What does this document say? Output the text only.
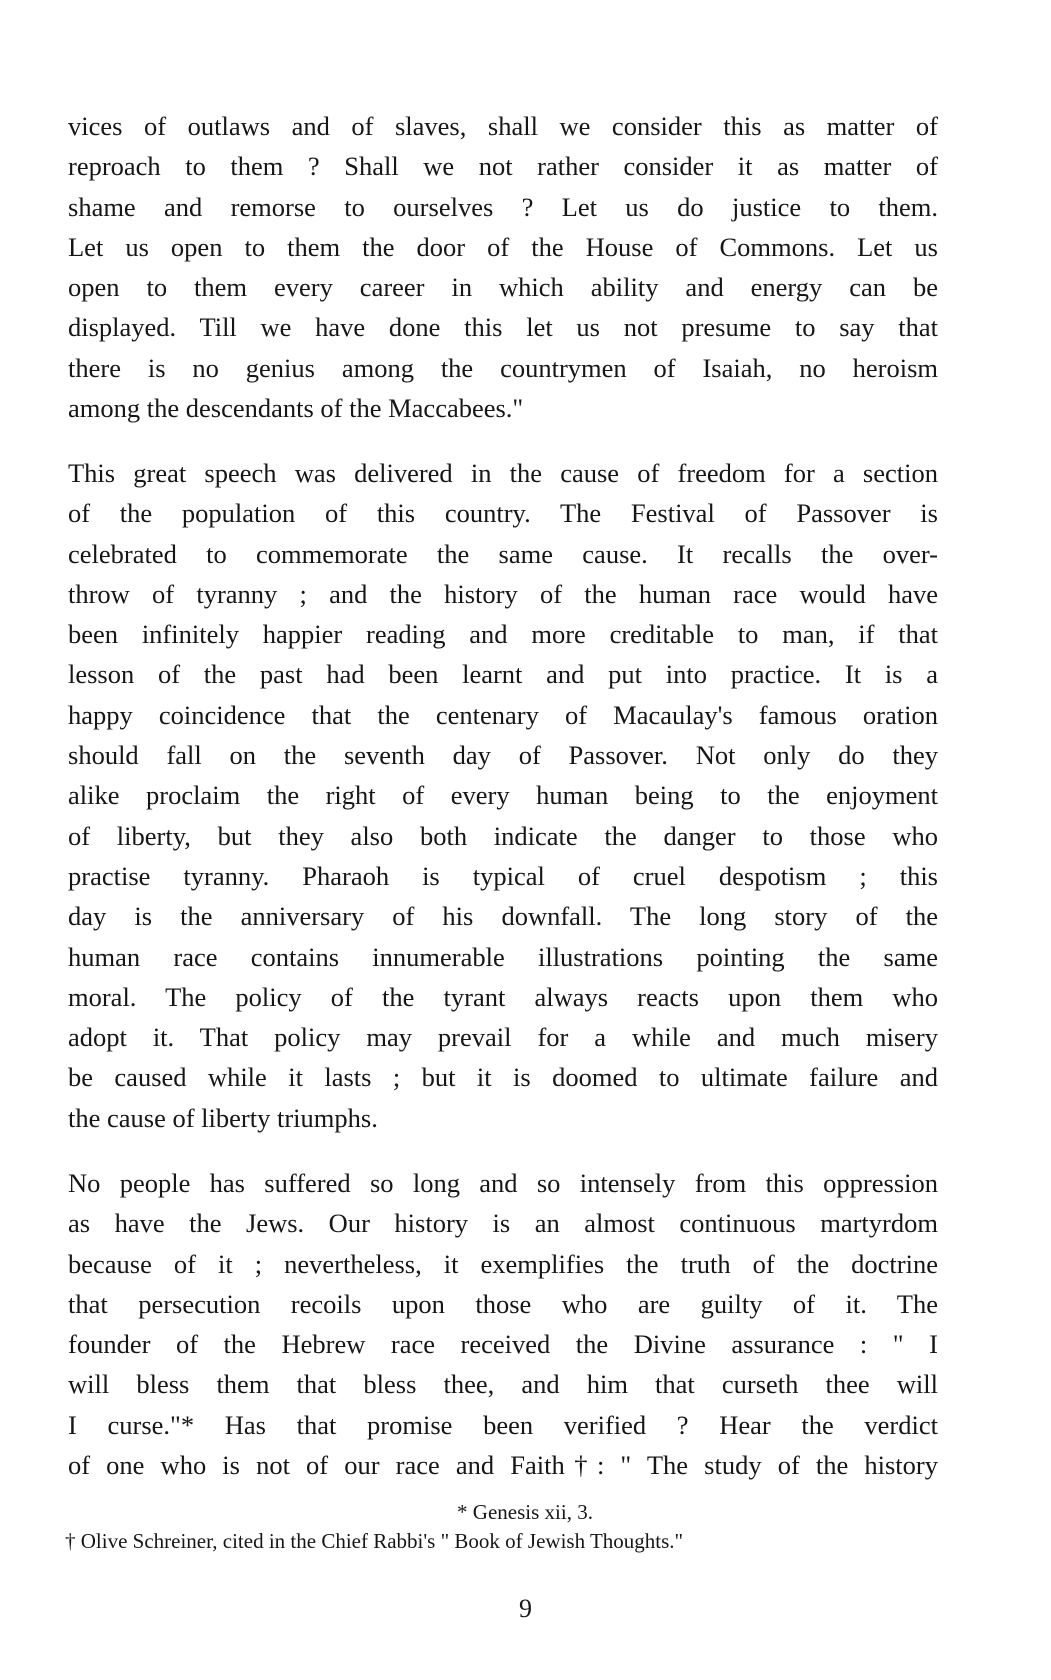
vices of outlaws and of slaves, shall we consider this as matter of
reproach to them ? Shall we not rather consider it as matter of
shame and remorse to ourselves ? Let us do justice to them.
Let us open to them the door of the House of Commons. Let us
open to them every career in which ability and energy can be
displayed. Till we have done this let us not presume to say that
there is no genius among the countrymen of Isaiah, no heroism
among the descendants of the Maccabees."
This great speech was delivered in the cause of freedom for a section
of the population of this country. The Festival of Passover is
celebrated to commemorate the same cause. It recalls the over-
throw of tyranny ; and the history of the human race would have
been infinitely happier reading and more creditable to man, if that
lesson of the past had been learnt and put into practice. It is a
happy coincidence that the centenary of Macaulay's famous oration
should fall on the seventh day of Passover. Not only do they
alike proclaim the right of every human being to the enjoyment
of liberty, but they also both indicate the danger to those who
practise tyranny. Pharaoh is typical of cruel despotism ; this
day is the anniversary of his downfall. The long story of the
human race contains innumerable illustrations pointing the same
moral. The policy of the tyrant always reacts upon them who
adopt it. That policy may prevail for a while and much misery
be caused while it lasts ; but it is doomed to ultimate failure and
the cause of liberty triumphs.
No people has suffered so long and so intensely from this oppression
as have the Jews. Our history is an almost continuous martyrdom
because of it ; nevertheless, it exemplifies the truth of the doctrine
that persecution recoils upon those who are guilty of it. The
founder of the Hebrew race received the Divine assurance : " I
will bless them that bless thee, and him that curseth thee will
I curse."* Has that promise been verified ? Hear the verdict
of one who is not of our race and Faith†: " The study of the history
* Genesis xii, 3.
† Olive Schreiner, cited in the Chief Rabbi's " Book of Jewish Thoughts."
9
